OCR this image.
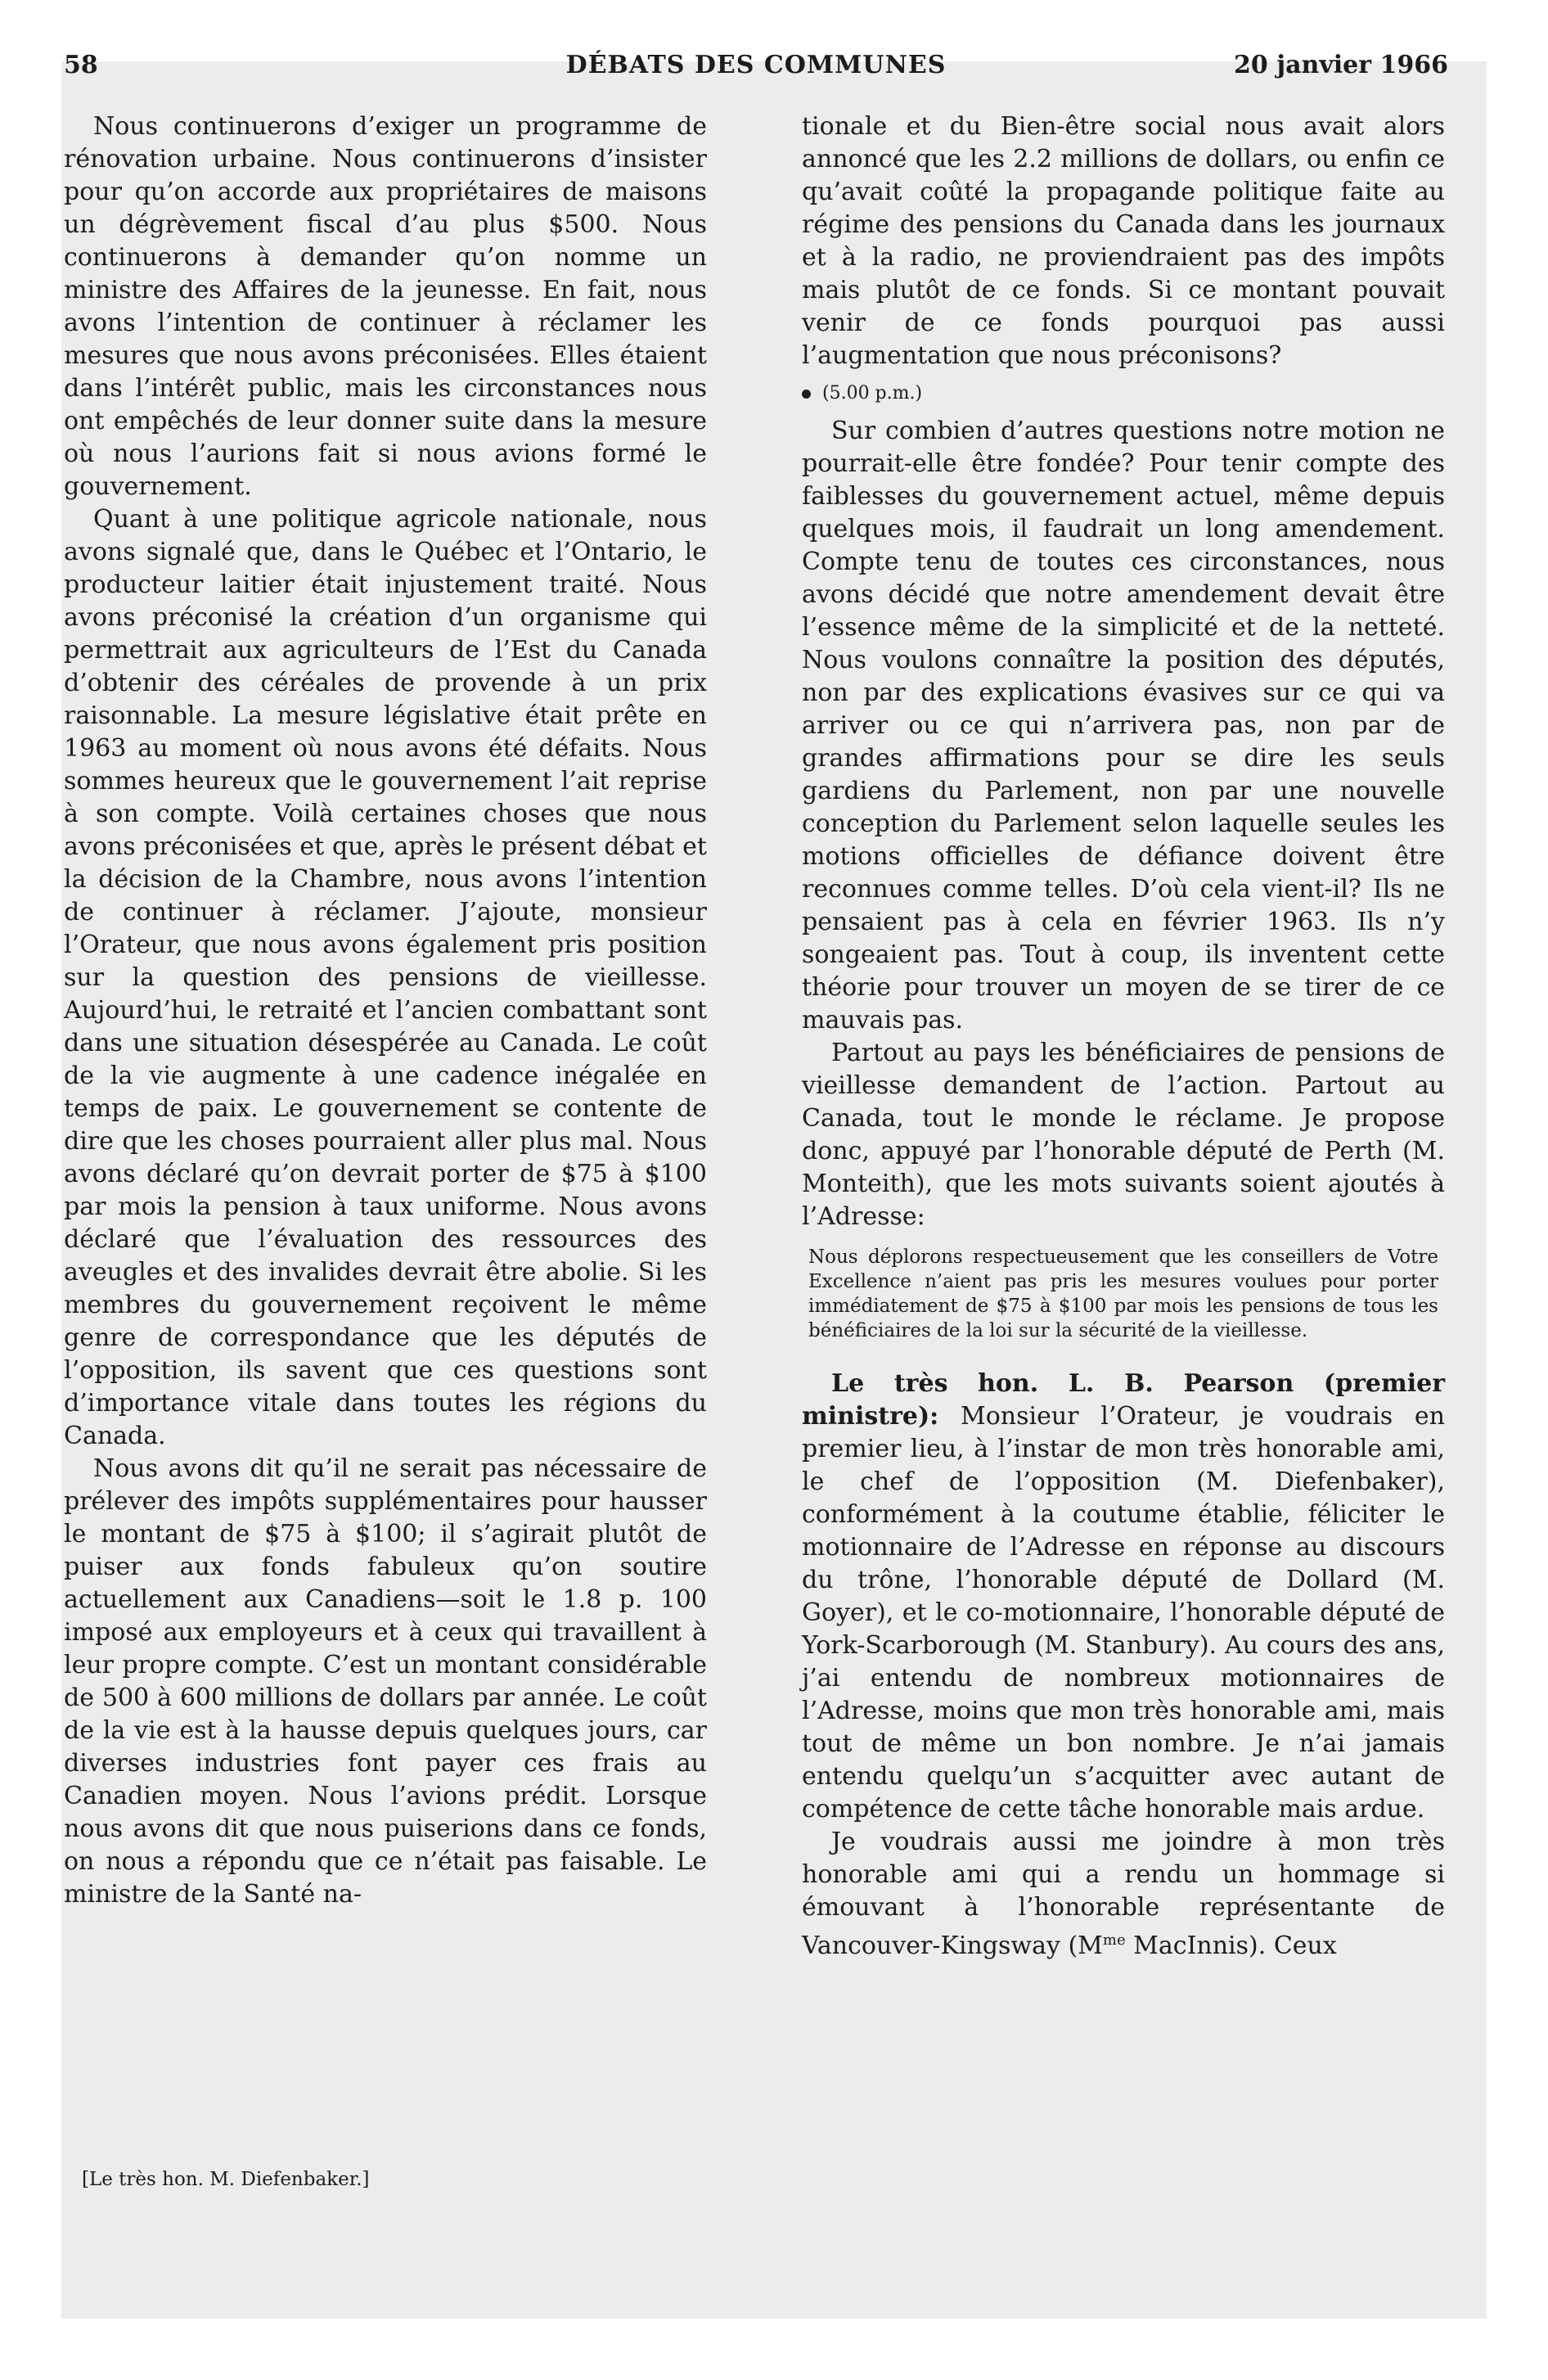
58	DÉBATS DES COMMUNES	20 janvier 1966

Nous continuerons d’exiger un programme de rénovation urbaine. Nous continuerons d’insister pour qu’on accorde aux propriétaires de maisons un dégrèvement fiscal d’au plus $500. Nous continuerons à demander qu’on nomme un ministre des Affaires de la jeunesse. En fait, nous avons l’intention de continuer à réclamer les mesures que nous avons préconisées. Elles étaient dans l’intérêt public, mais les circonstances nous ont empêchés de leur donner suite dans la mesure où nous l’aurions fait si nous avions formé le gouvernement.

Quant à une politique agricole nationale, nous avons signalé que, dans le Québec et l’Ontario, le producteur laitier était injustement traité. Nous avons préconisé la création d’un organisme qui permettrait aux agriculteurs de l’Est du Canada d’obtenir des céréales de provende à un prix raisonnable. La mesure législative était prête en 1963 au moment où nous avons été défaits. Nous sommes heureux que le gouvernement l’ait reprise à son compte. Voilà certaines choses que nous avons préconisées et que, après le présent débat et la décision de la Chambre, nous avons l’intention de continuer à réclamer. J’ajoute, monsieur l’Orateur, que nous avons également pris position sur la question des pensions de vieillesse. Aujourd’hui, le retraité et l’ancien combattant sont dans une situation désespérée au Canada. Le coût de la vie augmente à une cadence inégalée en temps de paix. Le gouvernement se contente de dire que les choses pourraient aller plus mal. Nous avons déclaré qu’on devrait porter de $75 à $100 par mois la pension à taux uniforme. Nous avons déclaré que l’évaluation des ressources des aveugles et des invalides devrait être abolie. Si les membres du gouvernement reçoivent le même genre de correspondance que les députés de l’opposition, ils savent que ces questions sont d’importance vitale dans toutes les régions du Canada.

Nous avons dit qu’il ne serait pas nécessaire de prélever des impôts supplémentaires pour hausser le montant de $75 à $100; il s’agirait plutôt de puiser aux fonds fabuleux qu’on soutire actuellement aux Canadiens—soit le 1.8 p. 100 imposé aux employeurs et à ceux qui travaillent à leur propre compte. C’est un montant considérable de 500 à 600 millions de dollars par année. Le coût de la vie est à la hausse depuis quelques jours, car diverses industries font payer ces frais au Canadien moyen. Nous l’avions prédit. Lorsque nous avons dit que nous puiserions dans ce fonds, on nous a répondu que ce n’était pas faisable. Le ministre de la Santé na-

tionale et du Bien-être social nous avait alors annoncé que les 2.2 millions de dollars, ou enfin ce qu’avait coûté la propagande politique faite au régime des pensions du Canada dans les journaux et à la radio, ne proviendraient pas des impôts mais plutôt de ce fonds. Si ce montant pouvait venir de ce fonds pourquoi pas aussi l’augmentation que nous préconisons?

(5.00 p.m.)

Sur combien d’autres questions notre motion ne pourrait-elle être fondée? Pour tenir compte des faiblesses du gouvernement actuel, même depuis quelques mois, il faudrait un long amendement. Compte tenu de toutes ces circonstances, nous avons décidé que notre amendement devait être l’essence même de la simplicité et de la netteté. Nous voulons connaître la position des députés, non par des explications évasives sur ce qui va arriver ou ce qui n’arrivera pas, non par de grandes affirmations pour se dire les seuls gardiens du Parlement, non par une nouvelle conception du Parlement selon laquelle seules les motions officielles de défiance doivent être reconnues comme telles. D’où cela vient-il? Ils ne pensaient pas à cela en février 1963. Ils n’y songeaient pas. Tout à coup, ils inventent cette théorie pour trouver un moyen de se tirer de ce mauvais pas.

Partout au pays les bénéficiaires de pensions de vieillesse demandent de l’action. Partout au Canada, tout le monde le réclame. Je propose donc, appuyé par l’honorable député de Perth (M. Monteith), que les mots suivants soient ajoutés à l’Adresse:

Nous déplorons respectueusement que les conseillers de Votre Excellence n’aient pas pris les mesures voulues pour porter immédiatement de $75 à $100 par mois les pensions de tous les bénéficiaires de la loi sur la sécurité de la vieillesse.

Le très hon. L. B. Pearson (premier ministre): Monsieur l’Orateur, je voudrais en premier lieu, à l’instar de mon très honorable ami, le chef de l’opposition (M. Diefenbaker), conformément à la coutume établie, féliciter le motionnaire de l’Adresse en réponse au discours du trône, l’honorable député de Dollard (M. Goyer), et le co-motionnaire, l’honorable député de York-Scarborough (M. Stanbury). Au cours des ans, j’ai entendu de nombreux motionnaires de l’Adresse, moins que mon très honorable ami, mais tout de même un bon nombre. Je n’ai jamais entendu quelqu’un s’acquitter avec autant de compétence de cette tâche honorable mais ardue.

Je voudrais aussi me joindre à mon très honorable ami qui a rendu un hommage si émouvant à l’honorable représentante de Vancouver-Kingsway ($M^{me}$ MacInnis). Ceux

[Le très hon. M. Diefenbaker.]
